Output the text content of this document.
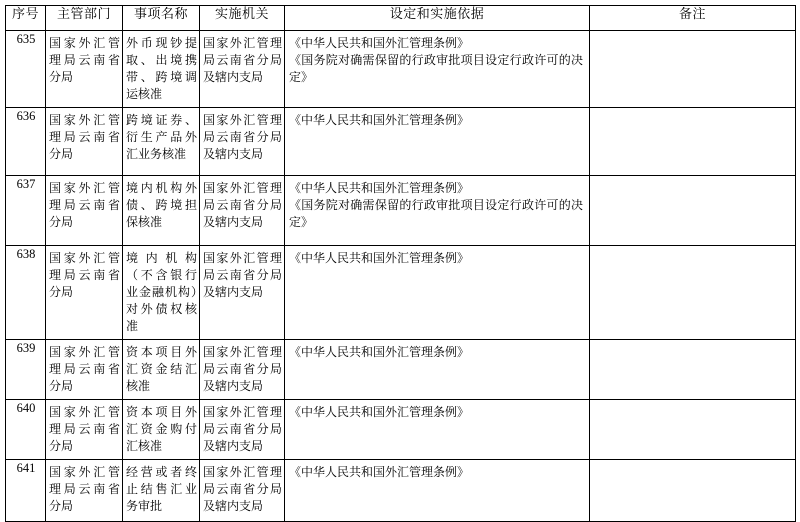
序号	主管部门	事项名称	实施机关	设定和实施依据	备注

635	国家外汇管理局云南省分局	外币现钞提取、出境携带、跨境调运核准	国家外汇管理局云南省分局及辖内支局	《中华人民共和国外汇管理条例》

《国务院对确需保留的行政审批项目设定行政许可的决定》	

636	国家外汇管理局云南省分局	跨境证券、衍生产品外汇业务核准	国家外汇管理局云南省分局及辖内支局	《中华人民共和国外汇管理条例》	

637	国家外汇管理局云南省分局	境内机构外债、跨境担保核准	国家外汇管理局云南省分局及辖内支局	《中华人民共和国外汇管理条例》

《国务院对确需保留的行政审批项目设定行政许可的决定》	

638	国家外汇管理局云南省分局	境内机构（不含银行业金融机构）对外债权核准	国家外汇管理局云南省分局及辖内支局	《中华人民共和国外汇管理条例》	

639	国家外汇管理局云南省分局	资本项目外汇资金结汇核准	国家外汇管理局云南省分局及辖内支局	《中华人民共和国外汇管理条例》	

640	国家外汇管理局云南省分局	资本项目外汇资金购付汇核准	国家外汇管理局云南省分局及辖内支局	《中华人民共和国外汇管理条例》	

641	国家外汇管理局云南省分局	经营或者终止结售汇业务审批	国家外汇管理局云南省分局及辖内支局	《中华人民共和国外汇管理条例》	
